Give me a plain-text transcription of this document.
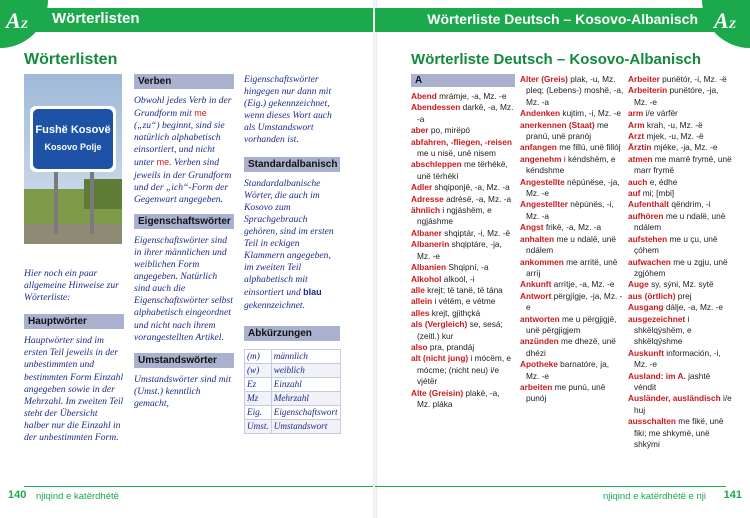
AZ Wörterlisten
Wörterlisten
Fushë Kosovë
Kosovo Polje
Hier noch ein paar allgemeine Hinweise zur Wörterliste:
Hauptwörter
Hauptwörter sind im ersten Teil jeweils in der unbestimmten und bestimmten Form Einzahl angegeben sowie in der Mehrzahl. Im zweiten Teil steht der Übersicht halber nur die Einzahl in der unbestimmten Form.
Verben
Obwohl jedes Verb in der Grundform mit me („zu“) beginnt, sind sie natürlich alphabetisch einsortiert, und nicht unter me. Verben sind jeweils in der Grundform und der „ich“-Form der Gegenwart angegeben.
Eigenschaftswörter
Eigenschaftswörter sind in ihrer männlichen und weiblichen Form angegeben. Natürlich sind auch die Eigenschaftswörter selbst alphabetisch eingeordnet und nicht nach ihrem vorangestellten Artikel.
Umstandswörter
Umstandswörter sind mit (Umst.) kenntlich gemacht,
Eigenschaftswörter hingegen nur dann mit (Eig.) gekennzeichnet, wenn dieses Wort auch als Umstandswort vorhanden ist.
Standardalbanisch
Standardalbanische Wörter, die auch im Kosovo zum Sprachgebrauch gehören, sind im ersten Teil in eckigen Klammern angegeben, im zweiten Teil alphabetisch mit einsortiert und blau gekennzeichnet.
Abkürzungen
(m)	männlich
(w)	weiblich
Ez	Einzahl
Mz	Mehrzahl
Eig.	Eigenschaftswort
Umst.	Umstandswort
140 njiqind e katërdhétë
AZ
Wörterliste Deutsch – Kosovo-Albanisch
Wörterliste Deutsch – Kosovo-Albanisch
A
Abend mrámje, -a, Mz. -e
Abendessen darkë, -a, Mz. -a
aber po, mirëpó
abfahren, -fliegen, -reisen me u nisë, unë nisem
abschleppen me tërhékë, unë tërhékí
Adler shqiponjë, -a, Mz. -a
Adresse adrésë, -a, Mz. -a
ähnlich i ngjáshëm, e ngjáshme
Albaner shqiptár, -i, Mz. -ë
Albanerin shqiptáre, -ja, Mz. -e
Albanien Shqipní, -a
Alkohol alkoól, -i
alle krejt; të tanë, të tána
allein i vétëm, e vétme
alles krejt, gjithçká
als (Vergleich) se, sesá; (zeitl.) kur
also pra, prandáj
alt (nicht jung) i mócëm, e mócme; (nicht neu) i/e vjétër
Alte (Greisin) plakë, -a, Mz. pláka
Alter (Greis) plak, -u, Mz. pleq; (Lebens-) moshë, -a, Mz. -a
Andenken kujtim, -i, Mz. -e
anerkennen (Staat) me pranú, unë pranój
anfangen me fillú, unë fillój
angenehm i kéndshëm, e kéndshme
Angestellte nëpúnëse, -ja, Mz. -e
Angestellter nëpúnës, -i, Mz. -a
Angst frikë, -a, Mz. -a
anhalten me u ndalë, unë ndálem
ankommen me arritë, unë arríj
Ankunft arrítje, -a, Mz. -e
Antwort përgjígje, -ja, Mz. -e
antworten me u përgjigjë, unë përgjigjem
anzünden me dhezë, unë dhézi
Apotheke barnatóre, ja, Mz. -e
arbeiten me punú, unë punój
Arbeiter punëtór, -i, Mz. -ë
Arbeiterin punëtóre, -ja, Mz. -e
arm i/e várfër
Arm krah, -u, Mz. -ë
Arzt mjek, -u, Mz. -ë
Ärztin mjéke, -ja, Mz. -e
atmen me marrë frymë, unë marr frymë
auch e, édhe
auf mi; [mbi]
Aufenthalt qëndrim, -i
aufhören me u ndalë, unë ndálem
aufstehen me u çu, unë çóhem
aufwachen me u zgju, unë zgjóhem
Auge sy, sýni, Mz. sytë
aus (örtlich) prej
Ausgang dálje, -a, Mz. -e
ausgezeichnet i shkëlqýshëm, e shkëlqýshme
Auskunft información, -i, Mz. -e
Ausland: im A. jashtë véndit
Ausländer, ausländisch i/e huj
ausschalten me fikë, unë fiki; me shkymë, unë shkými
njiqind e katërdhétë e nji 141
